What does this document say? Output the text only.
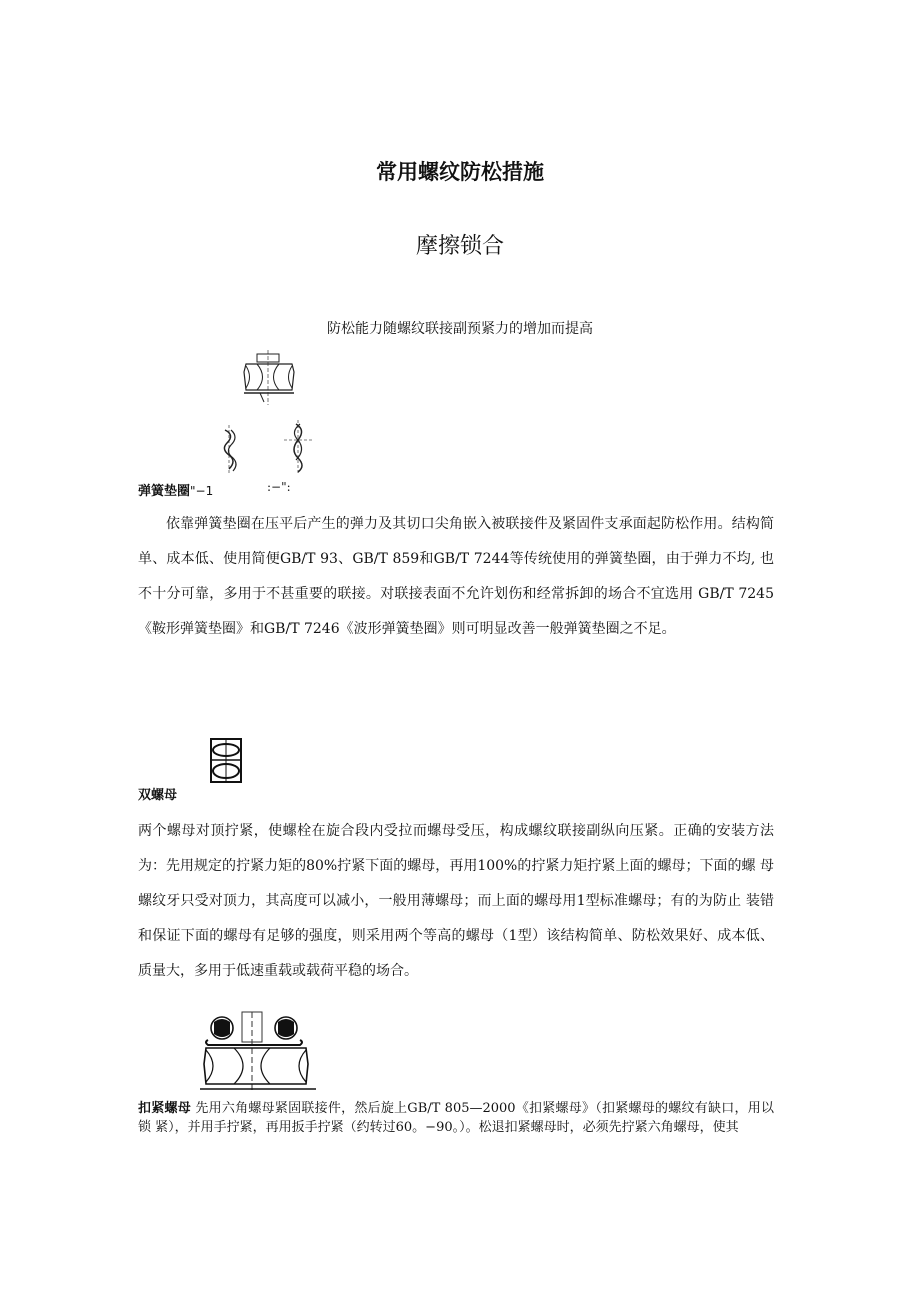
常用螺纹防松措施
摩擦锁合
防松能力随螺纹联接副预紧力的增加而提高
弹簧垫圈"−1	:−":
依靠弹簧垫圈在压平后产生的弹力及其切口尖角嵌入被联接件及紧固件支承面起防松作用。结构简单、成本低、使用简便GB/T 93、GB/T 859和GB/T 7244等传统使用的弹簧垫圈，由于弹力不均, 也不十分可靠，多用于不甚重要的联接。对联接表面不允许划伤和经常拆卸的场合不宜选用 GB/T 7245《鞍形弹簧垫圈》和GB/T 7246《波形弹簧垫圈》则可明显改善一般弹簧垫圈之不足。
双螺母
两个螺母对顶拧紧，使螺栓在旋合段内受拉而螺母受压，构成螺纹联接副纵向压紧。正确的安装方法为：先用规定的拧紧力矩的80%拧紧下面的螺母，再用100%的拧紧力矩拧紧上面的螺母；下面的螺 母螺纹牙只受对顶力，其高度可以减小，一般用薄螺母；而上面的螺母用1型标准螺母；有的为防止 装错和保证下面的螺母有足够的强度，则采用两个等高的螺母（1型）该结构简单、防松效果好、成本低、质量大，多用于低速重载或载荷平稳的场合。
扣紧螺母 先用六角螺母紧固联接件，然后旋上GB/T 805—2000《扣紧螺母》（扣紧螺母的螺纹有缺口，用以锁 紧），并用手拧紧，再用扳手拧紧（约转过60。−90。）。松退扣紧螺母时，必须先拧紧六角螺母，使其
